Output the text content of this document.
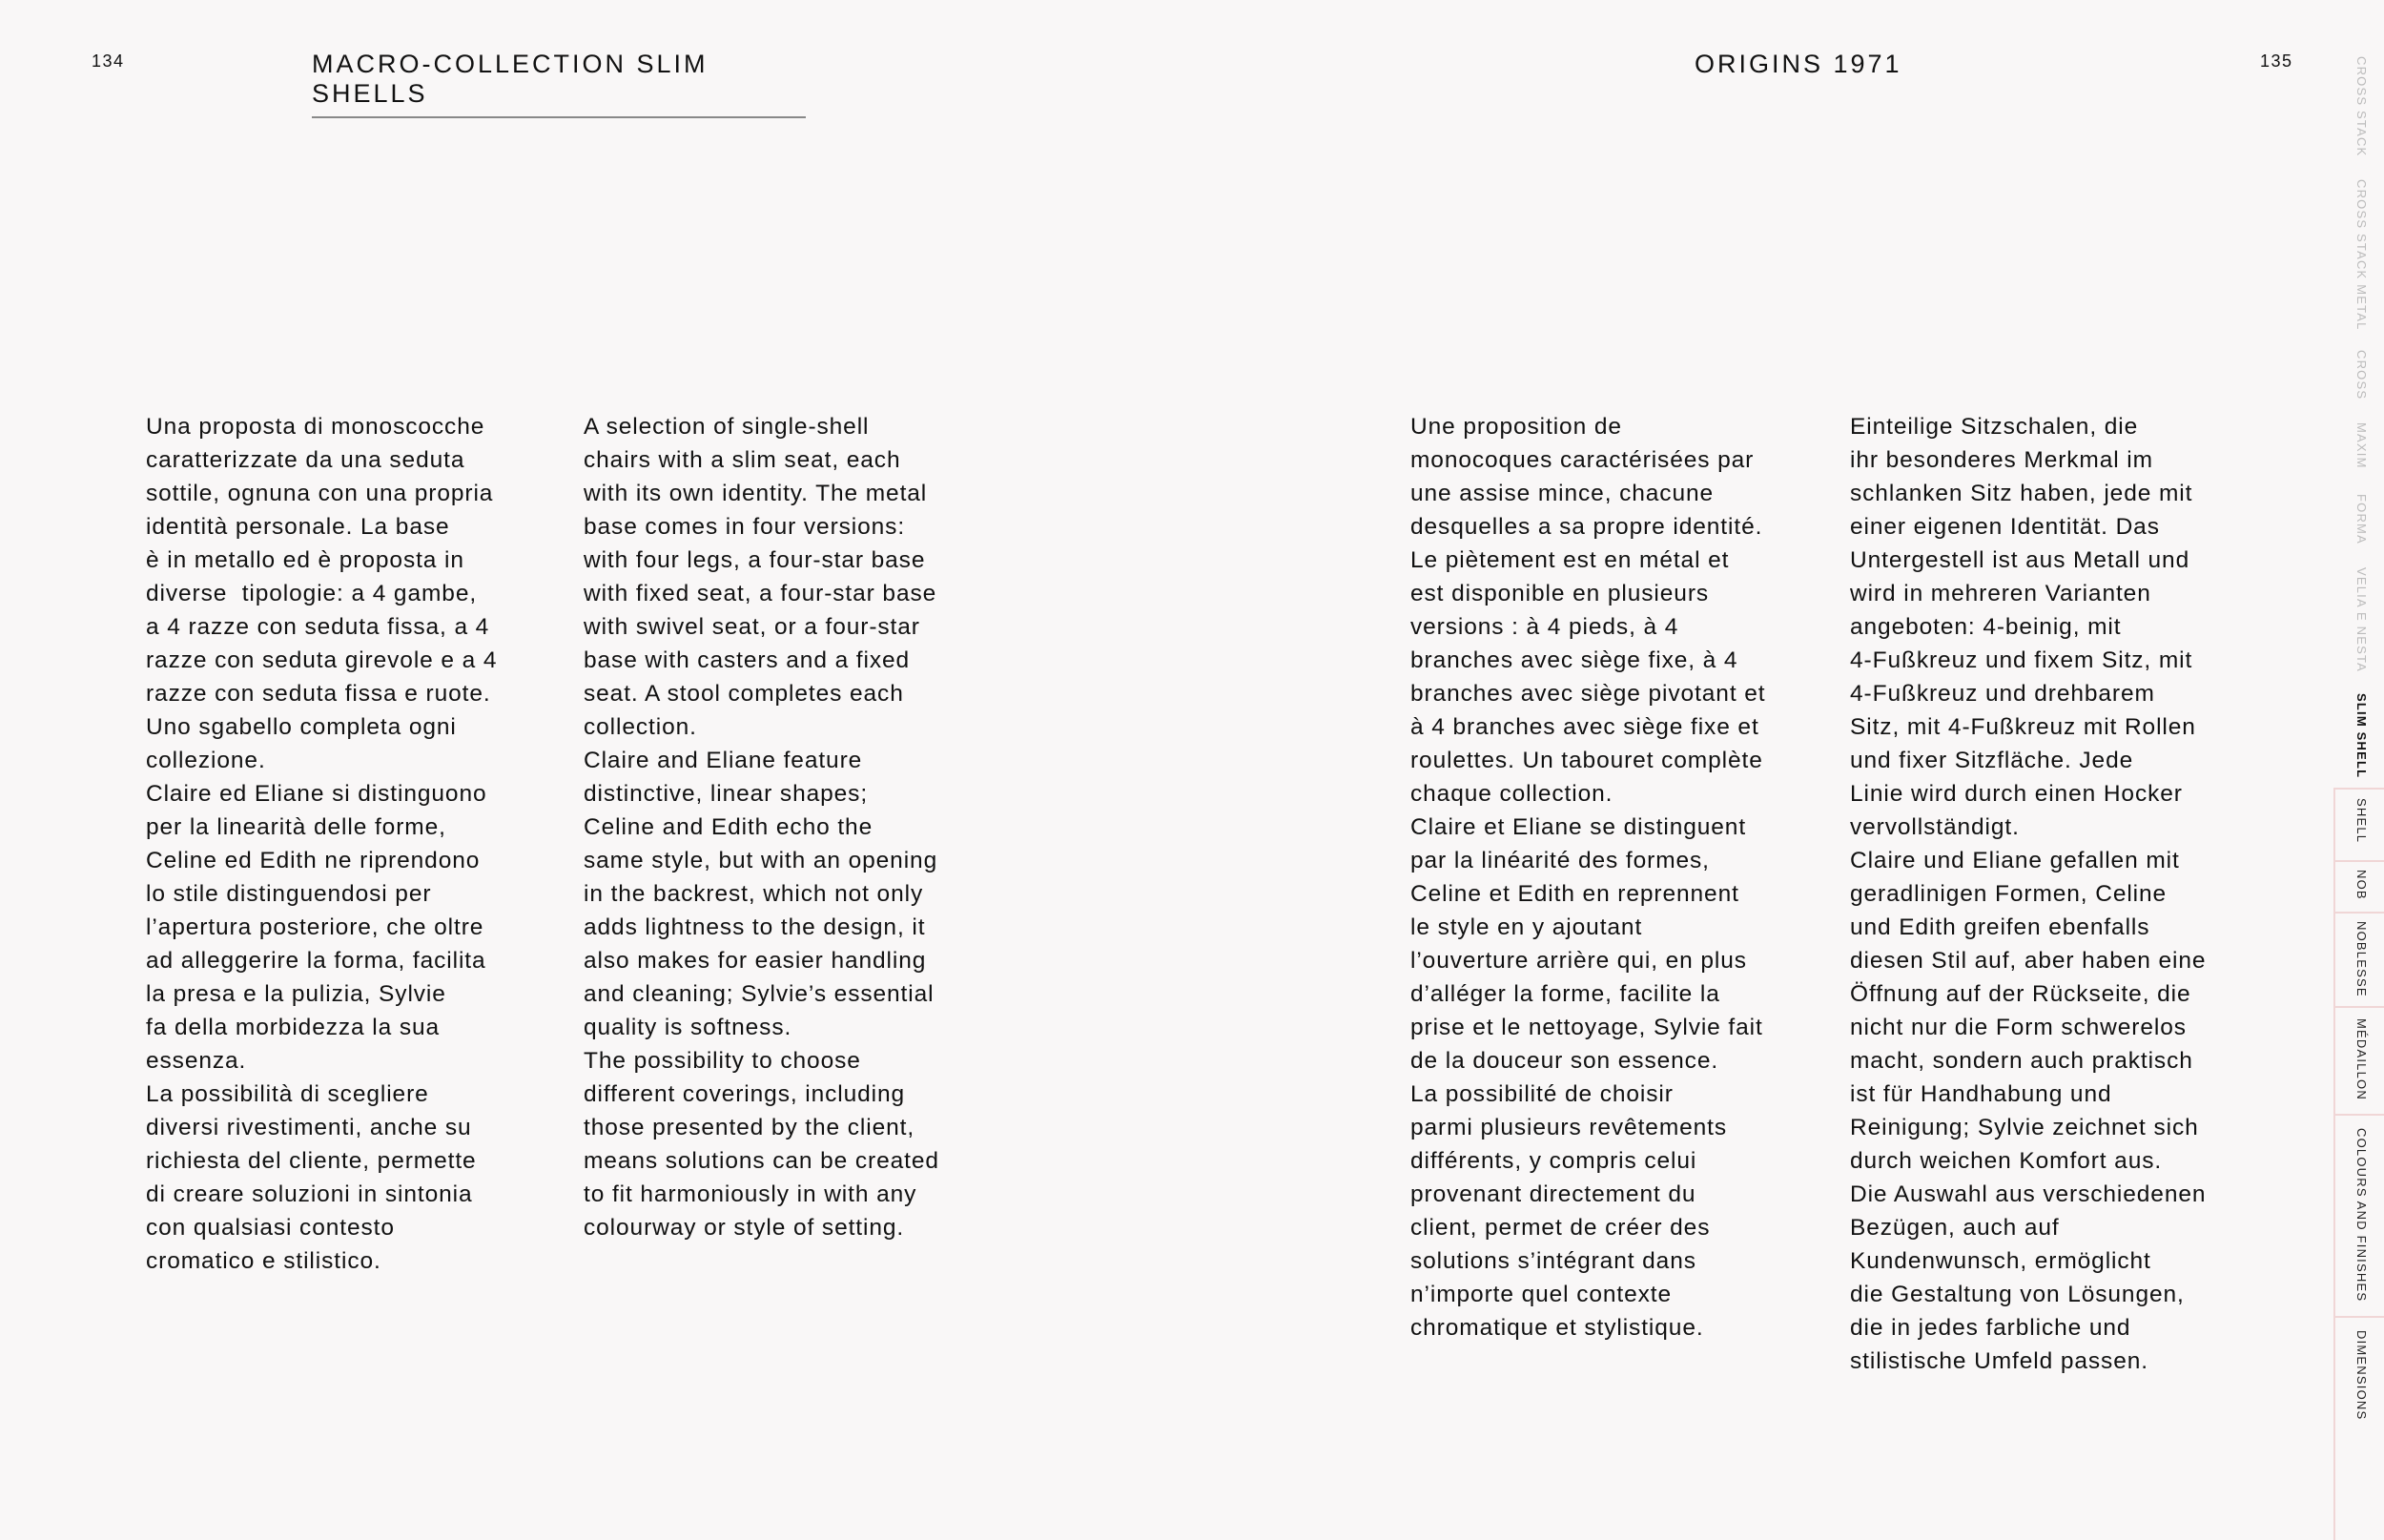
134	MACRO-COLLECTION SLIM SHELLS
ORIGINS 1971	135
Una proposta di monoscocche
caratterizzate da una seduta
sottile, ognuna con una propria
identità personale. La base
è in metallo ed è proposta in
diverse  tipologie: a 4 gambe,
a 4 razze con seduta fissa, a 4
razze con seduta girevole e a 4
razze con seduta fissa e ruote.
Uno sgabello completa ogni
collezione.
Claire ed Eliane si distinguono
per la linearità delle forme,
Celine ed Edith ne riprendono
lo stile distinguendosi per
l’apertura posteriore, che oltre
ad alleggerire la forma, facilita
la presa e la pulizia, Sylvie
fa della morbidezza la sua
essenza.
La possibilità di scegliere
diversi rivestimenti, anche su
richiesta del cliente, permette
di creare soluzioni in sintonia
con qualsiasi contesto
cromatico e stilistico.
A selection of single-shell
chairs with a slim seat, each
with its own identity. The metal
base comes in four versions:
with four legs, a four-star base
with fixed seat, a four-star base
with swivel seat, or a four-star
base with casters and a fixed
seat. A stool completes each
collection.
Claire and Eliane feature
distinctive, linear shapes;
Celine and Edith echo the
same style, but with an opening
in the backrest, which not only
adds lightness to the design, it
also makes for easier handling
and cleaning; Sylvie’s essential
quality is softness.
The possibility to choose
different coverings, including
those presented by the client,
means solutions can be created
to fit harmoniously in with any
colourway or style of setting.
Une proposition de
monocoques caractérisées par
une assise mince, chacune
desquelles a sa propre identité.
Le piètement est en métal et
est disponible en plusieurs
versions : à 4 pieds, à 4
branches avec siège fixe, à 4
branches avec siège pivotant et
à 4 branches avec siège fixe et
roulettes. Un tabouret complète
chaque collection.
Claire et Eliane se distinguent
par la linéarité des formes,
Celine et Edith en reprennent
le style en y ajoutant
l’ouverture arrière qui, en plus
d’alléger la forme, facilite la
prise et le nettoyage, Sylvie fait
de la douceur son essence.
La possibilité de choisir
parmi plusieurs revêtements
différents, y compris celui
provenant directement du
client, permet de créer des
solutions s’intégrant dans
n’importe quel contexte
chromatique et stylistique.
Einteilige Sitzschalen, die
ihr besonderes Merkmal im
schlanken Sitz haben, jede mit
einer eigenen Identität. Das
Untergestell ist aus Metall und
wird in mehreren Varianten
angeboten: 4-beinig, mit
4-Fußkreuz und fixem Sitz, mit
4-Fußkreuz und drehbarem
Sitz, mit 4-Fußkreuz mit Rollen
und fixer Sitzfläche. Jede
Linie wird durch einen Hocker
vervollständigt.
Claire und Eliane gefallen mit
geradlinigen Formen, Celine
und Edith greifen ebenfalls
diesen Stil auf, aber haben eine
Öffnung auf der Rückseite, die
nicht nur die Form schwerelos
macht, sondern auch praktisch
ist für Handhabung und
Reinigung; Sylvie zeichnet sich
durch weichen Komfort aus.
Die Auswahl aus verschiedenen
Bezügen, auch auf
Kundenwunsch, ermöglicht
die Gestaltung von Lösungen,
die in jedes farbliche und
stilistische Umfeld passen.
CROSS STACK
CROSS STACK METAL
CROSS
MAXIM
FORMA
VELIA E NESTA
SLIM SHELL
SHELL
NOB
NOBLESSE
MÉDAILLON
COLOURS AND FINISHES
DIMENSIONS
